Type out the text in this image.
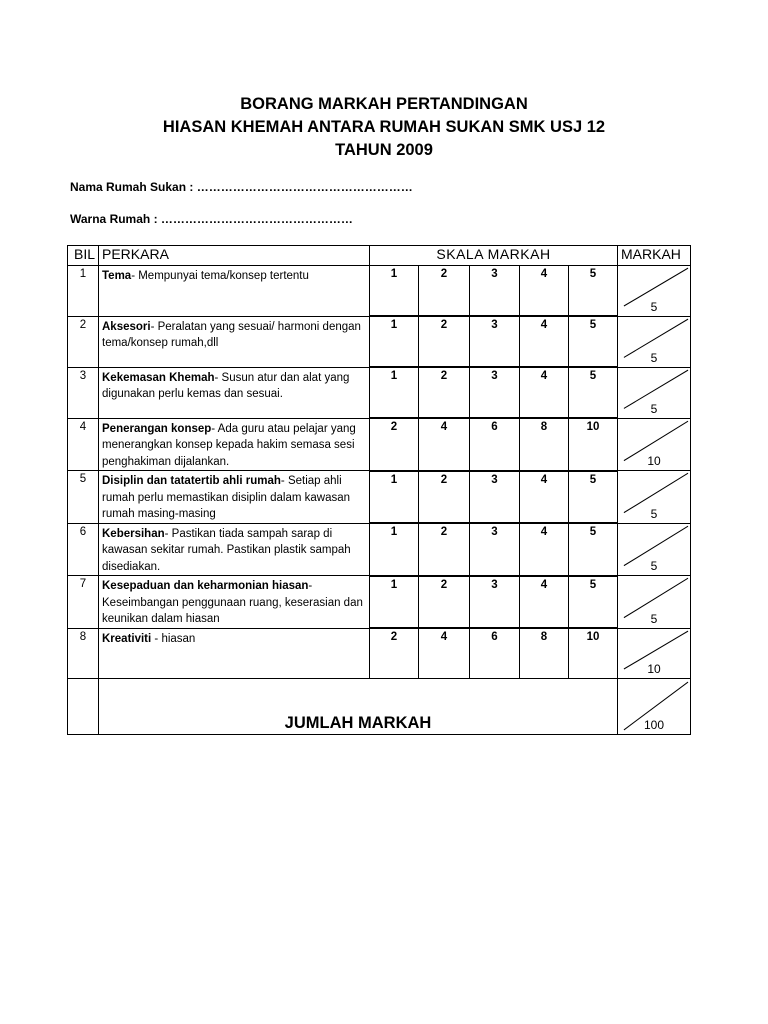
BORANG MARKAH PERTANDINGAN
HIASAN KHEMAH ANTARA RUMAH SUKAN SMK USJ 12
TAHUN 2009
Nama Rumah Sukan : ………………………………………………
Warna Rumah : …………………………………………
BIL	PERKARA	SKALA MARKAH					MARKAH
1	Tema- Mempunyai tema/konsep tertentu	1	2	3	4	5	5

2	Aksesori- Peralatan yang sesuai/ harmoni dengan tema/konsep rumah,dll	1	2	3	4	5	5

3	Kekemasan Khemah- Susun atur dan alat yang digunakan perlu kemas dan sesuai.	1	2	3	4	5	5

4	Penerangan konsep- Ada guru atau pelajar yang menerangkan konsep kepada hakim semasa sesi penghakiman dijalankan.	2	4	6	8	10	10

5	Disiplin dan tatatertib ahli rumah- Setiap ahli rumah perlu memastikan disiplin dalam kawasan rumah masing-masing	1	2	3	4	5	5

6	Kebersihan- Pastikan tiada sampah sarap di kawasan sekitar rumah. Pastikan plastik sampah disediakan.	1	2	3	4	5	5

7	Kesepaduan dan keharmonian hiasan- Keseimbangan penggunaan ruang, keserasian dan keunikan dalam hiasan	1	2	3	4	5	5

8	Kreativiti - hiasan	2	4	6	8	10	10

	JUMLAH MARKAH						100
